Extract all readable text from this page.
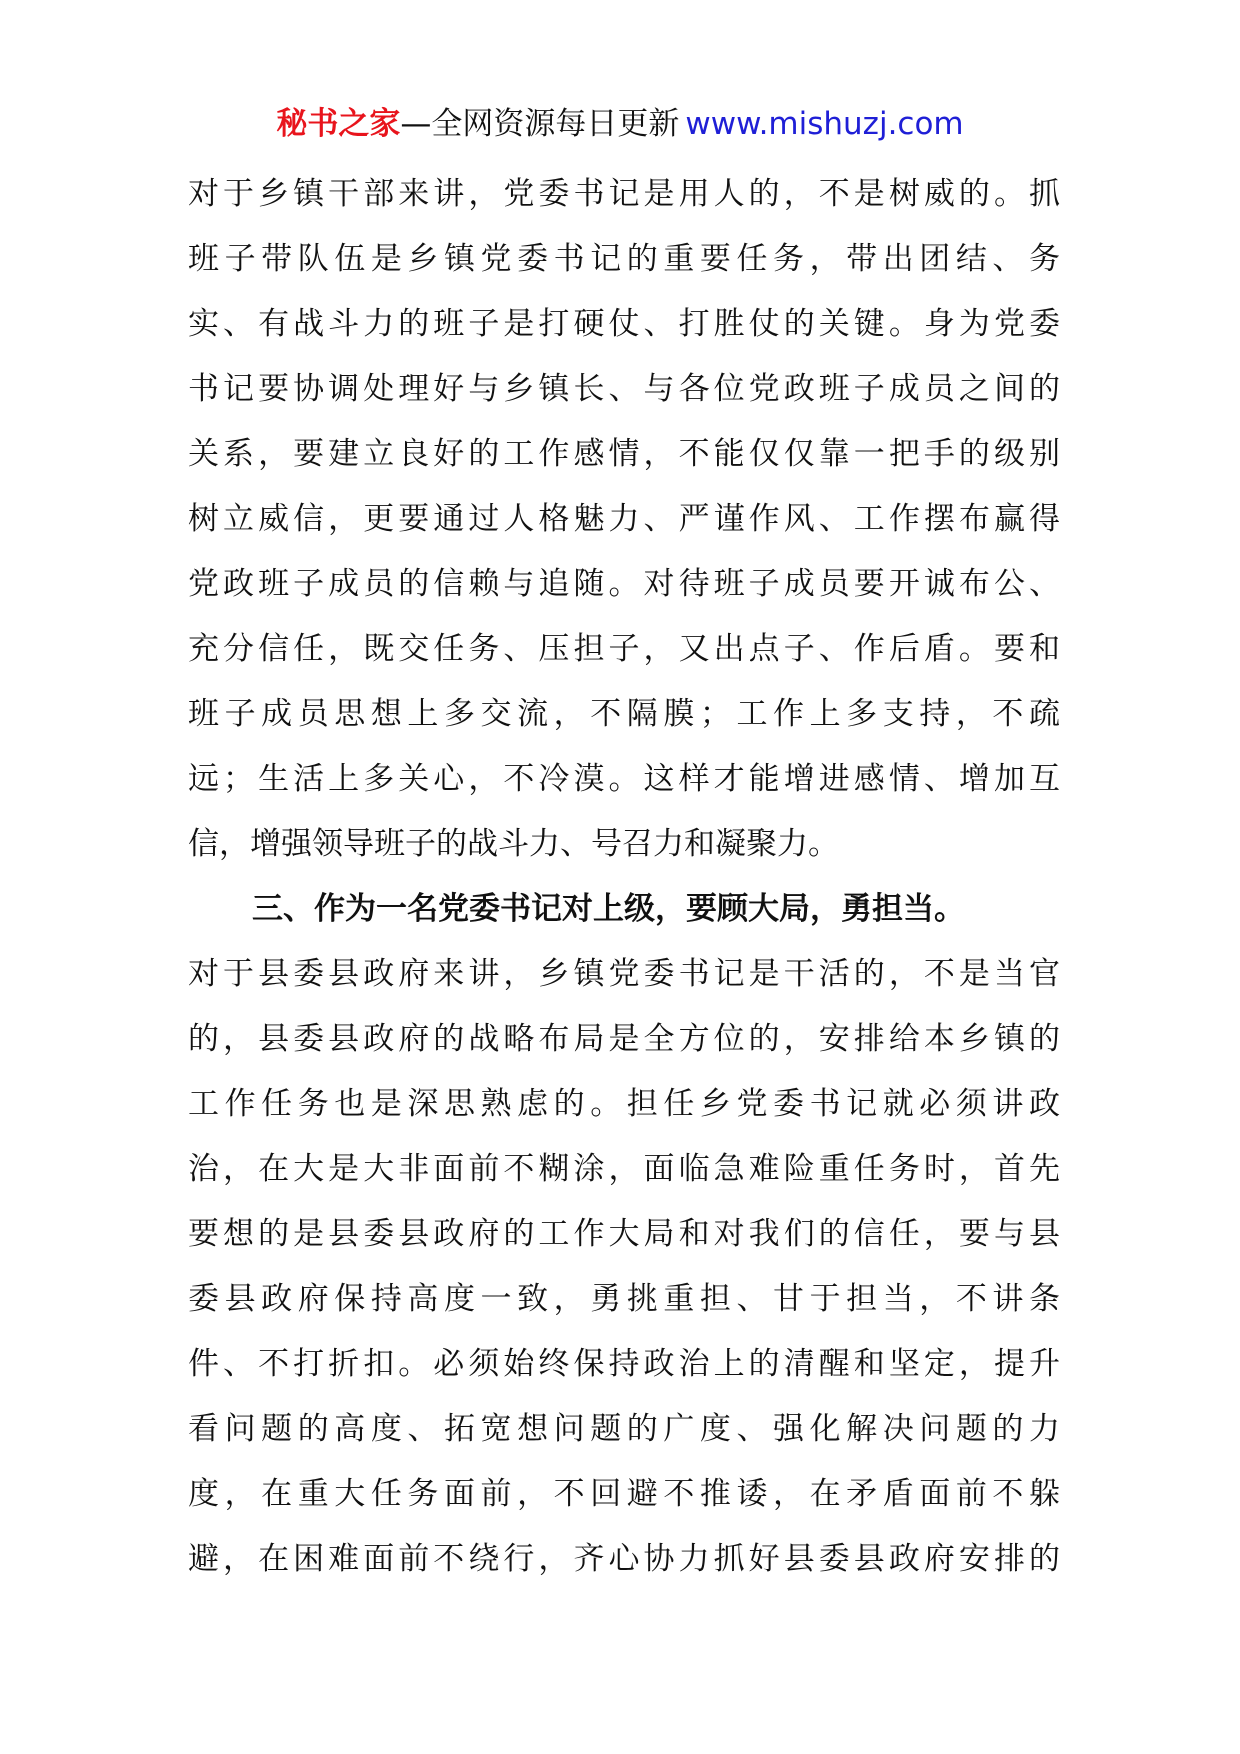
秘书之家—全网资源每日更新 www.mishuzj.com
对于乡镇干部来讲，党委书记是用人的，不是树威的。抓
班子带队伍是乡镇党委书记的重要任务，带出团结、务
实、有战斗力的班子是打硬仗、打胜仗的关键。身为党委
书记要协调处理好与乡镇长、与各位党政班子成员之间的
关系，要建立良好的工作感情，不能仅仅靠一把手的级别
树立威信，更要通过人格魅力、严谨作风、工作摆布赢得
党政班子成员的信赖与追随。对待班子成员要开诚布公、
充分信任，既交任务、压担子，又出点子、作后盾。要和
班子成员思想上多交流，不隔膜；工作上多支持，不疏
远；生活上多关心，不冷漠。这样才能增进感情、增加互
信，增强领导班子的战斗力、号召力和凝聚力。
三、作为一名党委书记对上级，要顾大局，勇担当。
对于县委县政府来讲，乡镇党委书记是干活的，不是当官
的，县委县政府的战略布局是全方位的，安排给本乡镇的
工作任务也是深思熟虑的。担任乡党委书记就必须讲政
治，在大是大非面前不糊涂，面临急难险重任务时，首先
要想的是县委县政府的工作大局和对我们的信任，要与县
委县政府保持高度一致，勇挑重担、甘于担当，不讲条
件、不打折扣。必须始终保持政治上的清醒和坚定，提升
看问题的高度、拓宽想问题的广度、强化解决问题的力
度，在重大任务面前，不回避不推诿，在矛盾面前不躲
避，在困难面前不绕行，齐心协力抓好县委县政府安排的
